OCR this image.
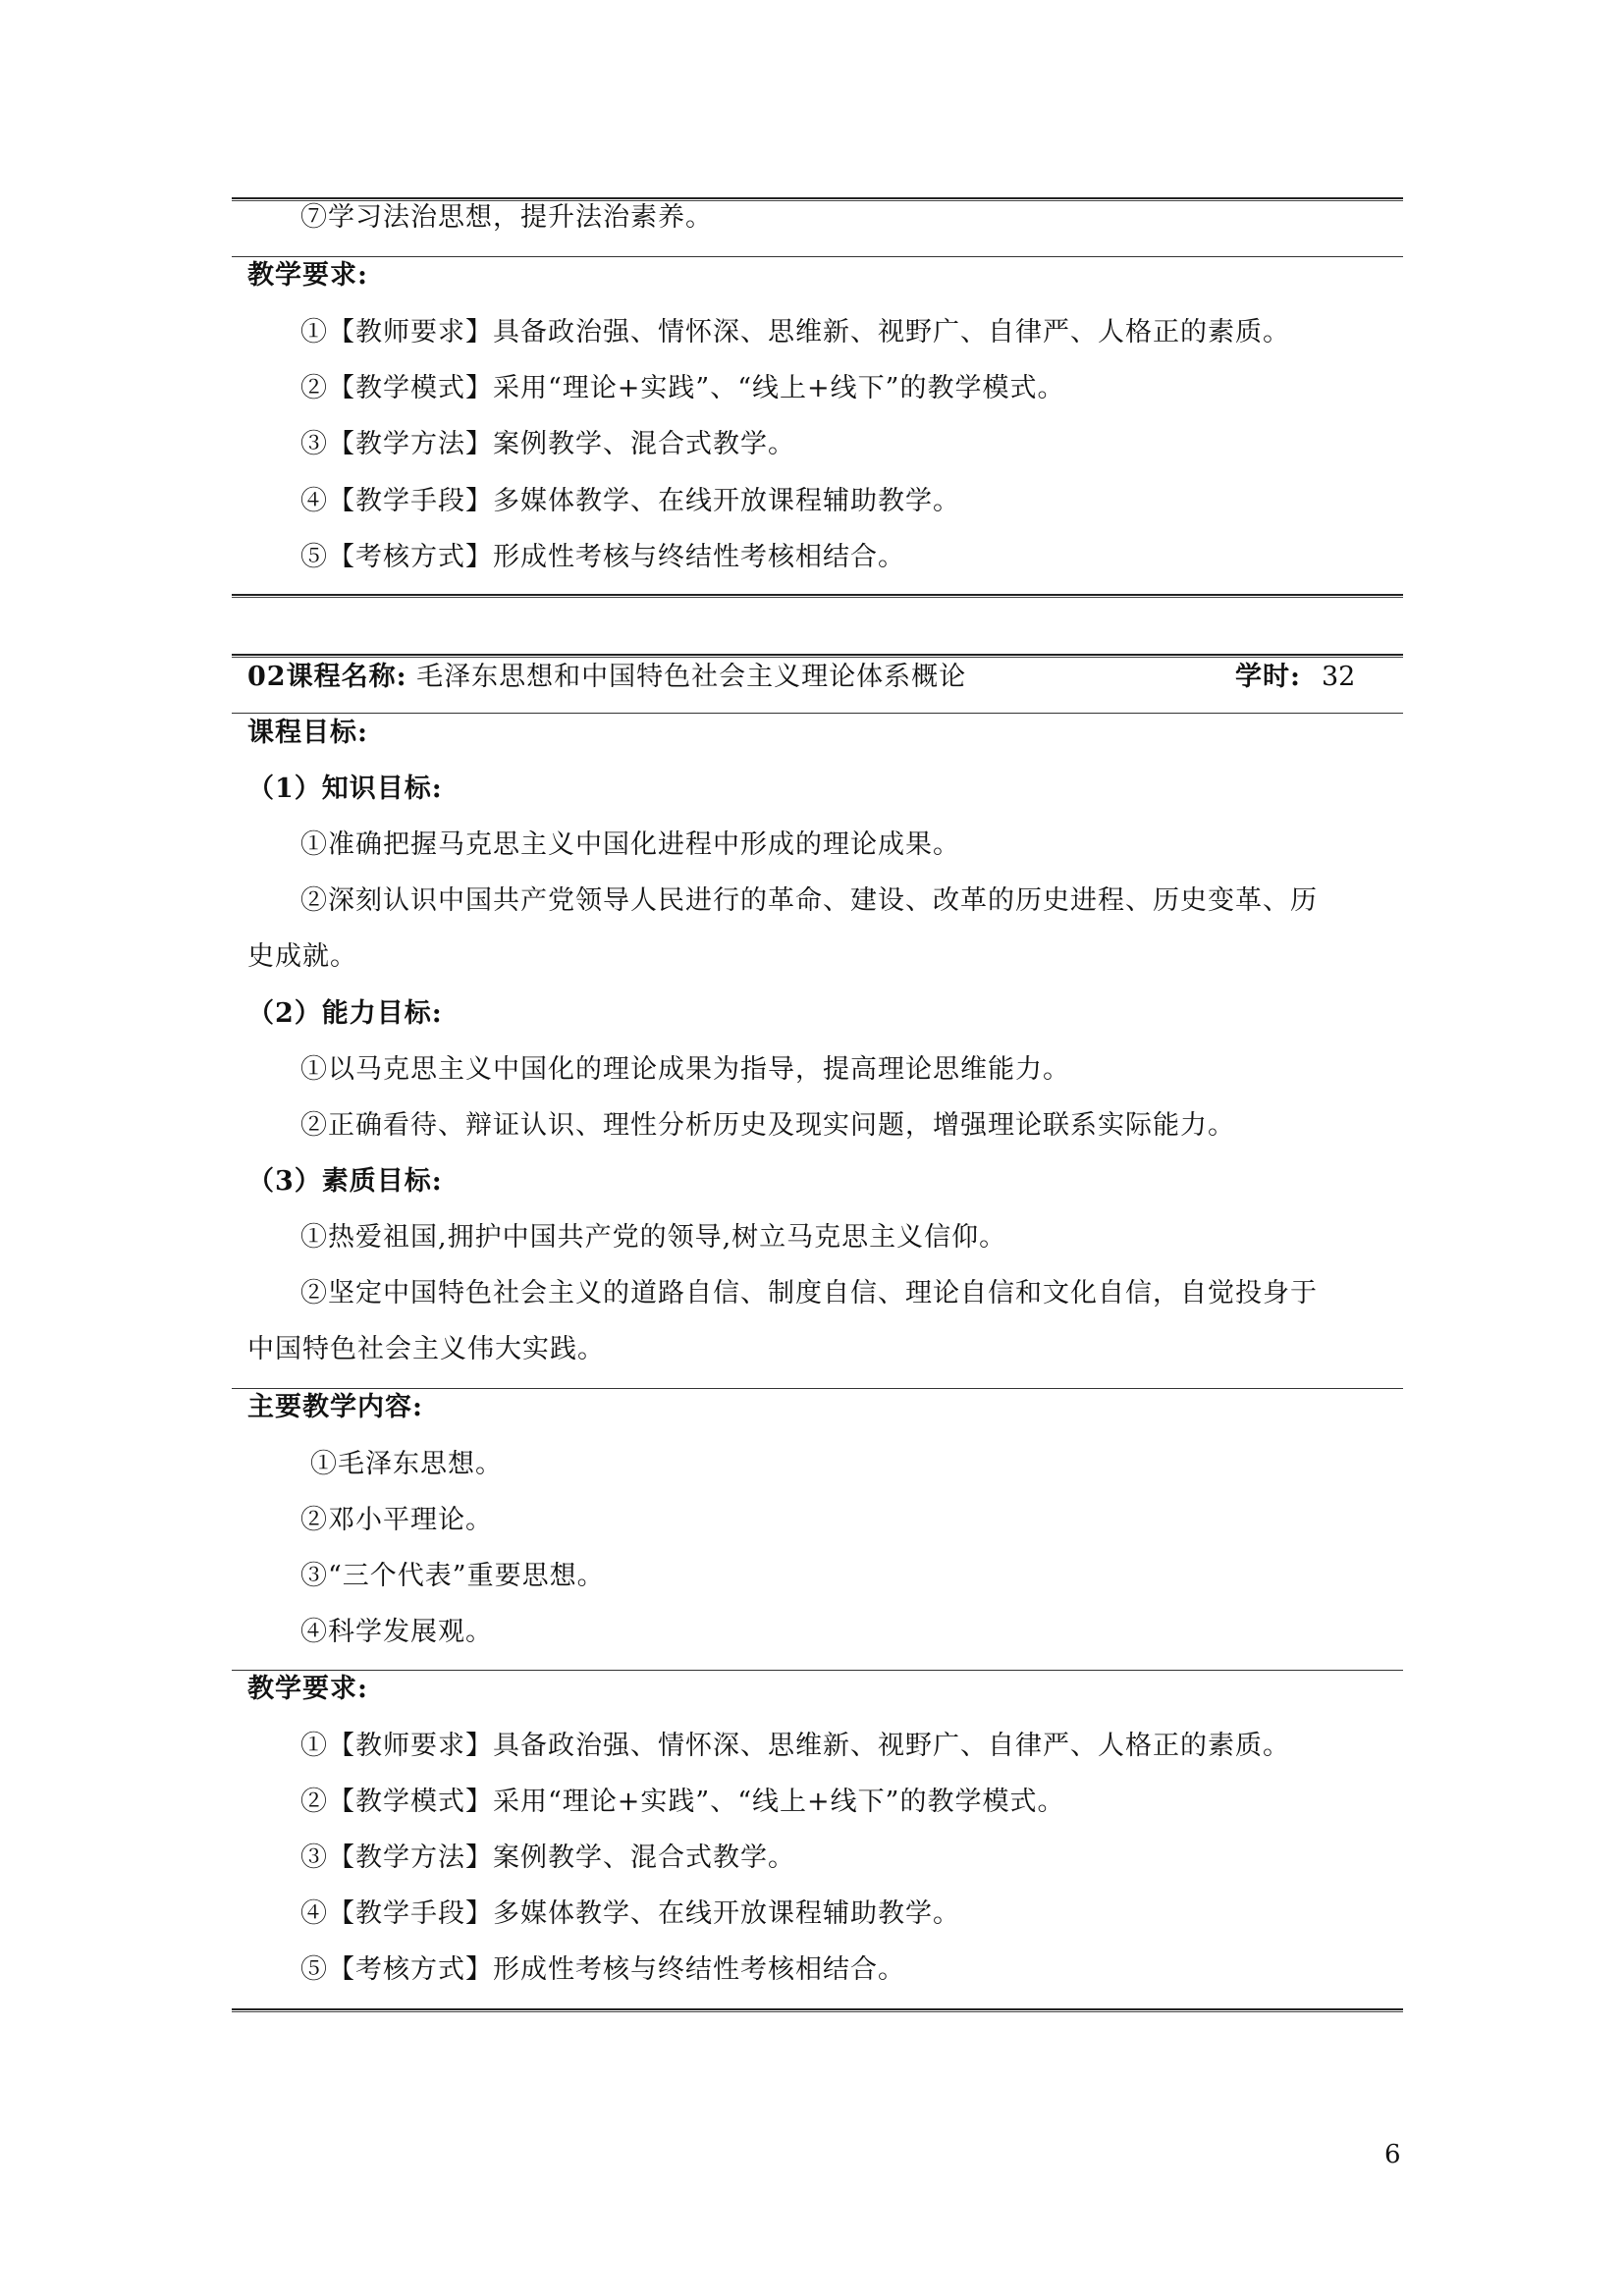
⑦学习法治思想，提升法治素养。
教学要求:
①【教师要求】具备政治强、情怀深、思维新、视野广、自律严、人格正的素质。
②【教学模式】采用“理论+实践”、“线上+线下”的教学模式。
③【教学方法】案例教学、混合式教学。
④【教学手段】多媒体教学、在线开放课程辅助教学。
⑤【考核方式】形成性考核与终结性考核相结合。
02课程名称: 毛泽东思想和中国特色社会主义理论体系概论	学时: 32
课程目标:
（1）知识目标:
①准确把握马克思主义中国化进程中形成的理论成果。
②深刻认识中国共产党领导人民进行的革命、建设、改革的历史进程、历史变革、历
史成就。
（2）能力目标:
①以马克思主义中国化的理论成果为指导，提高理论思维能力。
②正确看待、辩证认识、理性分析历史及现实问题，增强理论联系实际能力。
（3）素质目标:
①热爱祖国,拥护中国共产党的领导,树立马克思主义信仰。
②坚定中国特色社会主义的道路自信、制度自信、理论自信和文化自信，自觉投身于
中国特色社会主义伟大实践。
主要教学内容:
①毛泽东思想。
②邓小平理论。
③“三个代表”重要思想。
④科学发展观。
教学要求:
①【教师要求】具备政治强、情怀深、思维新、视野广、自律严、人格正的素质。
②【教学模式】采用“理论+实践”、“线上+线下”的教学模式。
③【教学方法】案例教学、混合式教学。
④【教学手段】多媒体教学、在线开放课程辅助教学。
⑤【考核方式】形成性考核与终结性考核相结合。
6
